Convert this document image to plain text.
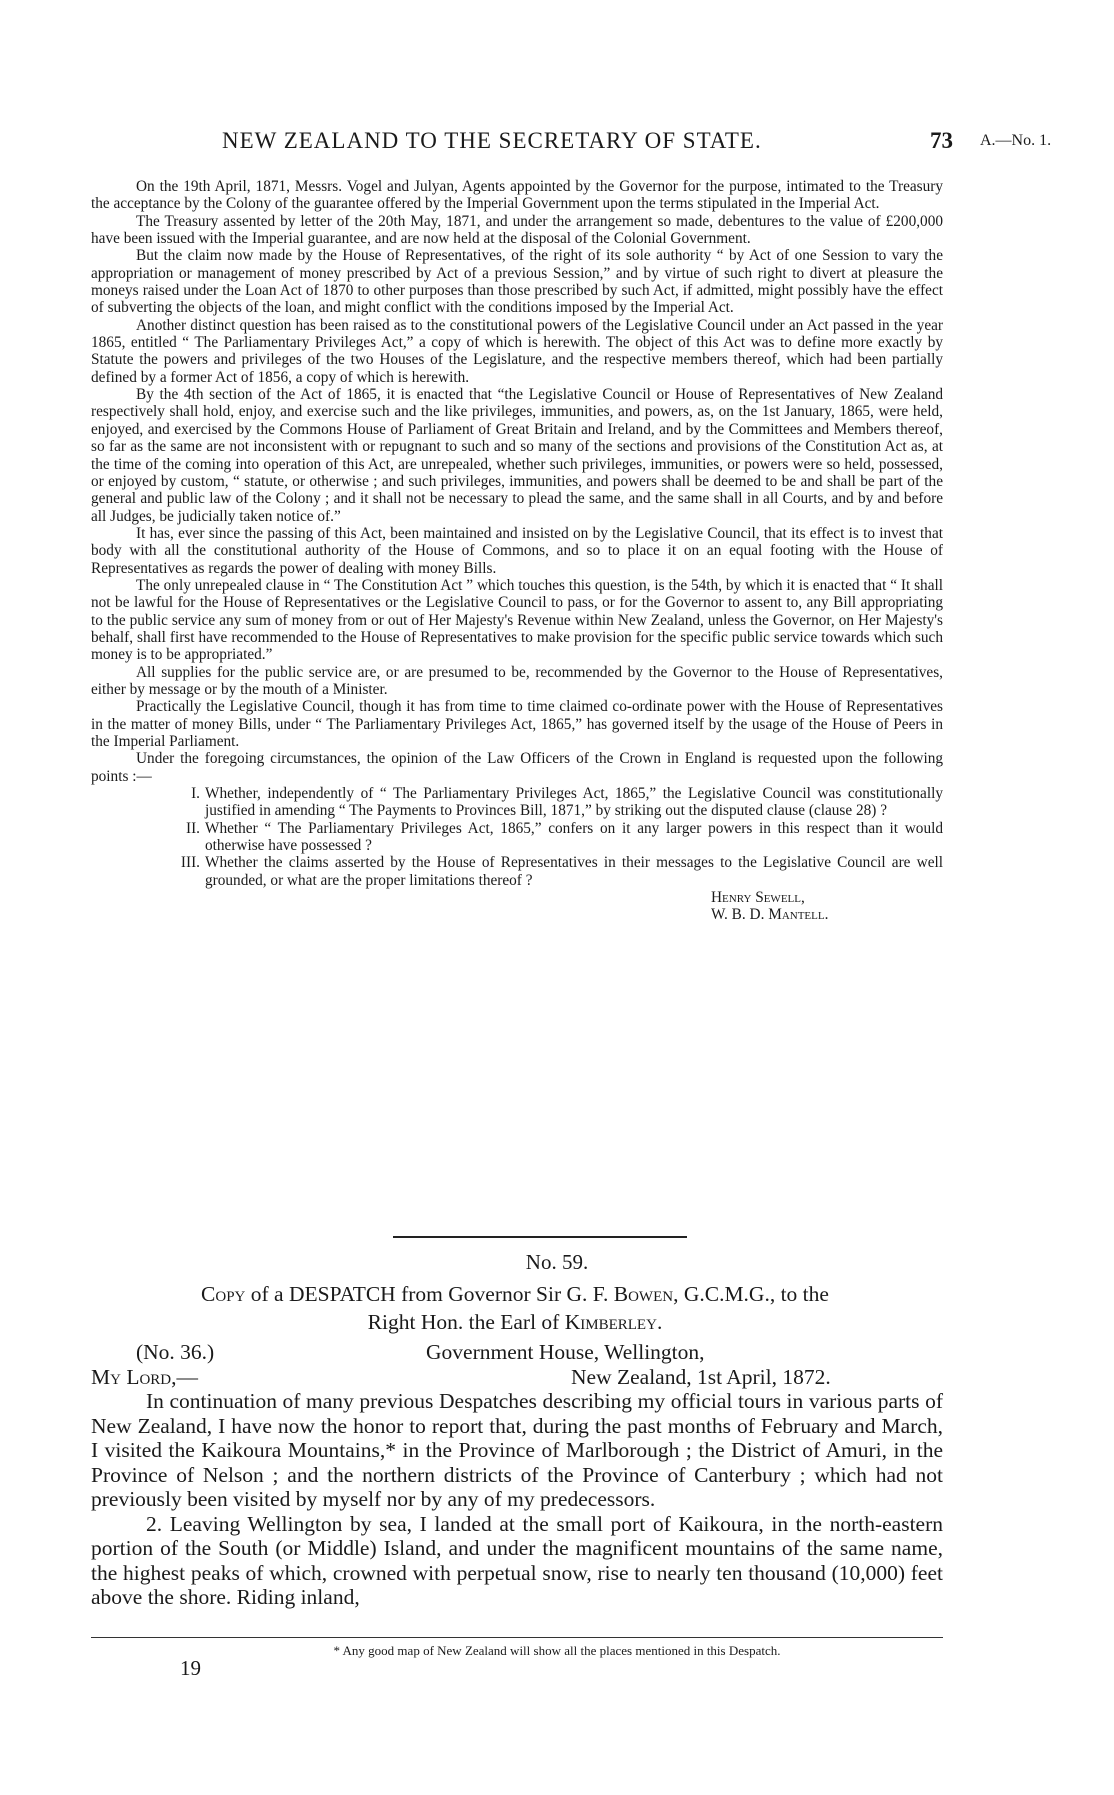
NEW ZEALAND TO THE SECRETARY OF STATE.	73 A.—No. 1.

On the 19th April, 1871, Messrs. Vogel and Julyan, Agents appointed by the Governor for the purpose, intimated to the Treasury the acceptance by the Colony of the guarantee offered by the Imperial Government upon the terms stipulated in the Imperial Act.

The Treasury assented by letter of the 20th May, 1871, and under the arrangement so made, debentures to the value of £200,000 have been issued with the Imperial guarantee, and are now held at the disposal of the Colonial Government.

But the claim now made by the House of Representatives, of the right of its sole authority “ by Act of one Session to vary the appropriation or management of money prescribed by Act of a previous Session,” and by virtue of such right to divert at pleasure the moneys raised under the Loan Act of 1870 to other purposes than those prescribed by such Act, if admitted, might possibly have the effect of subverting the objects of the loan, and might conflict with the conditions imposed by the Imperial Act.

Another distinct question has been raised as to the constitutional powers of the Legislative Council under an Act passed in the year 1865, entitled “ The Parliamentary Privileges Act,” a copy of which is herewith. The object of this Act was to define more exactly by Statute the powers and privileges of the two Houses of the Legislature, and the respective members thereof, which had been partially defined by a former Act of 1856, a copy of which is herewith.

By the 4th section of the Act of 1865, it is enacted that “the Legislative Council or House of Representatives of New Zealand respectively shall hold, enjoy, and exercise such and the like privileges, immunities, and powers, as, on the 1st January, 1865, were held, enjoyed, and exercised by the Commons House of Parliament of Great Britain and Ireland, and by the Committees and Members thereof, so far as the same are not inconsistent with or repugnant to such and so many of the sections and provisions of the Constitution Act as, at the time of the coming into operation of this Act, are unrepealed, whether such privileges, immunities, or powers were so held, possessed, or enjoyed by custom, “ statute, or otherwise ; and such privileges, immunities, and powers shall be deemed to be and shall be part of the general and public law of the Colony ; and it shall not be necessary to plead the same, and the same shall in all Courts, and by and before all Judges, be judicially taken notice of.”

It has, ever since the passing of this Act, been maintained and insisted on by the Legislative Council, that its effect is to invest that body with all the constitutional authority of the House of Commons, and so to place it on an equal footing with the House of Representatives as regards the power of dealing with money Bills.

The only unrepealed clause in “ The Constitution Act ” which touches this question, is the 54th, by which it is enacted that “ It shall not be lawful for the House of Representatives or the Legislative Council to pass, or for the Governor to assent to, any Bill appropriating to the public service any sum of money from or out of Her Majesty's Revenue within New Zealand, unless the Governor, on Her Majesty's behalf, shall first have recommended to the House of Representatives to make provision for the specific public service towards which such money is to be appropriated.”

All supplies for the public service are, or are presumed to be, recommended by the Governor to the House of Representatives, either by message or by the mouth of a Minister.

Practically the Legislative Council, though it has from time to time claimed co-ordinate power with the House of Representatives in the matter of money Bills, under “ The Parliamentary Privileges Act, 1865,” has governed itself by the usage of the House of Peers in the Imperial Parliament.

Under the foregoing circumstances, the opinion of the Law Officers of the Crown in England is requested upon the following points :—

I. Whether, independently of “ The Parliamentary Privileges Act, 1865,” the Legislative Council was constitutionally justified in amending “ The Payments to Provinces Bill, 1871,” by striking out the disputed clause (clause 28) ?
II. Whether “ The Parliamentary Privileges Act, 1865,” confers on it any larger powers in this respect than it would otherwise have possessed ?
III. Whether the claims asserted by the House of Representatives in their messages to the Legislative Council are well grounded, or what are the proper limitations thereof ?
Henry Sewell,
W. B. D. Mantell.
No. 59.
Copy of a DESPATCH from Governor Sir G. F. Bowen, G.C.M.G., to the
Right Hon. the Earl of Kimberley.
(No. 36.)	Government House, Wellington,
My Lord,—	New Zealand, 1st April, 1872.

In continuation of many previous Despatches describing my official tours in various parts of New Zealand, I have now the honor to report that, during the past months of February and March, I visited the Kaikoura Mountains,* in the Province of Marlborough ; the District of Amuri, in the Province of Nelson ; and the northern districts of the Province of Canterbury ; which had not previously been visited by myself nor by any of my predecessors.

2. Leaving Wellington by sea, I landed at the small port of Kaikoura, in the north-eastern portion of the South (or Middle) Island, and under the magnificent mountains of the same name, the highest peaks of which, crowned with perpetual snow, rise to nearly ten thousand (10,000) feet above the shore. Riding inland,

* Any good map of New Zealand will show all the places mentioned in this Despatch.
19
